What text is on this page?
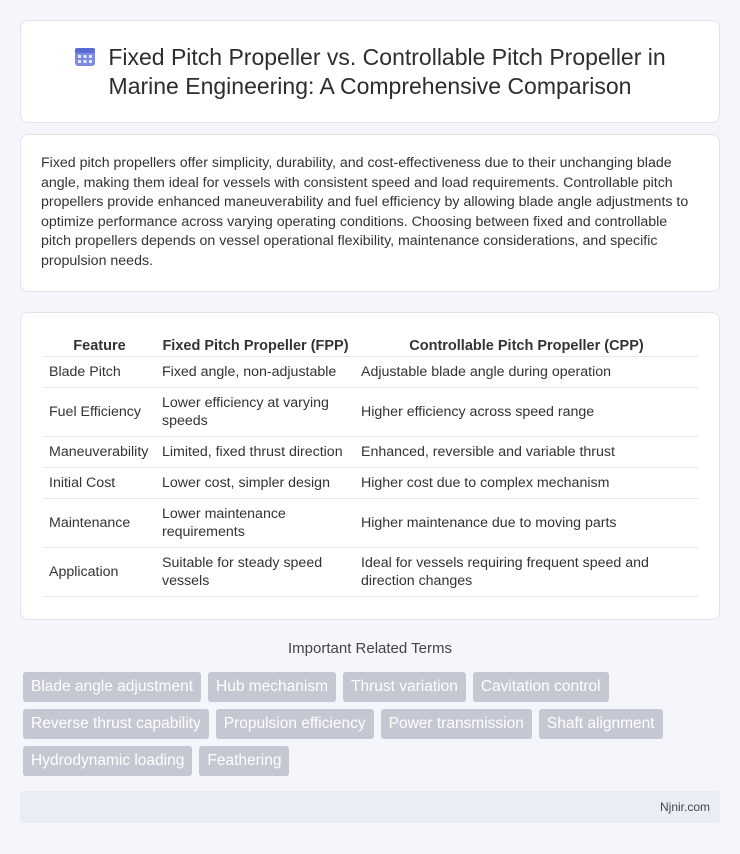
Fixed Pitch Propeller vs. Controllable Pitch Propeller in
Marine Engineering: A Comprehensive Comparison

Fixed pitch propellers offer simplicity, durability, and cost-effectiveness due to their unchanging blade angle, making them ideal for vessels with consistent speed and load requirements. Controllable pitch propellers provide enhanced maneuverability and fuel efficiency by allowing blade angle adjustments to optimize performance across varying operating conditions. Choosing between fixed and controllable pitch propellers depends on vessel operational flexibility, maintenance considerations, and specific propulsion needs.

Feature	Fixed Pitch Propeller (FPP)	Controllable Pitch Propeller (CPP)
Blade Pitch	Fixed angle, non-adjustable	Adjustable blade angle during operation
Fuel Efficiency	Lower efficiency at varying speeds	Higher efficiency across speed range
Maneuverability	Limited, fixed thrust direction	Enhanced, reversible and variable thrust
Initial Cost	Lower cost, simpler design	Higher cost due to complex mechanism
Maintenance	Lower maintenance requirements	Higher maintenance due to moving parts
Application	Suitable for steady speed vessels	Ideal for vessels requiring frequent speed and direction changes
Important Related Terms
Blade angle adjustment	Hub mechanism	Thrust variation	Cavitation control
Reverse thrust capability	Propulsion efficiency	Power transmission	Shaft alignment
Hydrodynamic loading	Feathering
Njnir.com
